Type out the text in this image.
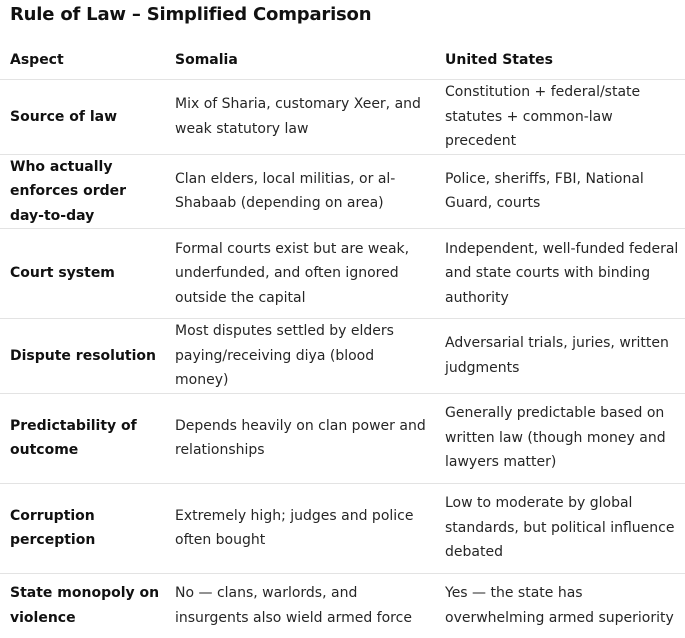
Rule of Law – Simplified Comparison
Aspect	Somalia	United States
Source of law	Mix of Sharia, customary Xeer, and weak statutory law	Constitution + federal/state statutes + common-law precedent
Who actually enforces order day-to-day	Clan elders, local militias, or al-Shabaab (depending on area)	Police, sheriffs, FBI, National Guard, courts
Court system	Formal courts exist but are weak, underfunded, and often ignored outside the capital	Independent, well-funded federal and state courts with binding authority
Dispute resolution	Most disputes settled by elders paying/receiving diya (blood money)	Adversarial trials, juries, written judgments
Predictability of outcome	Depends heavily on clan power and relationships	Generally predictable based on written law (though money and lawyers matter)
Corruption perception	Extremely high; judges and police often bought	Low to moderate by global standards, but political influence debated
State monopoly on violence	No — clans, warlords, and insurgents also wield armed force	Yes — the state has overwhelming armed superiority
